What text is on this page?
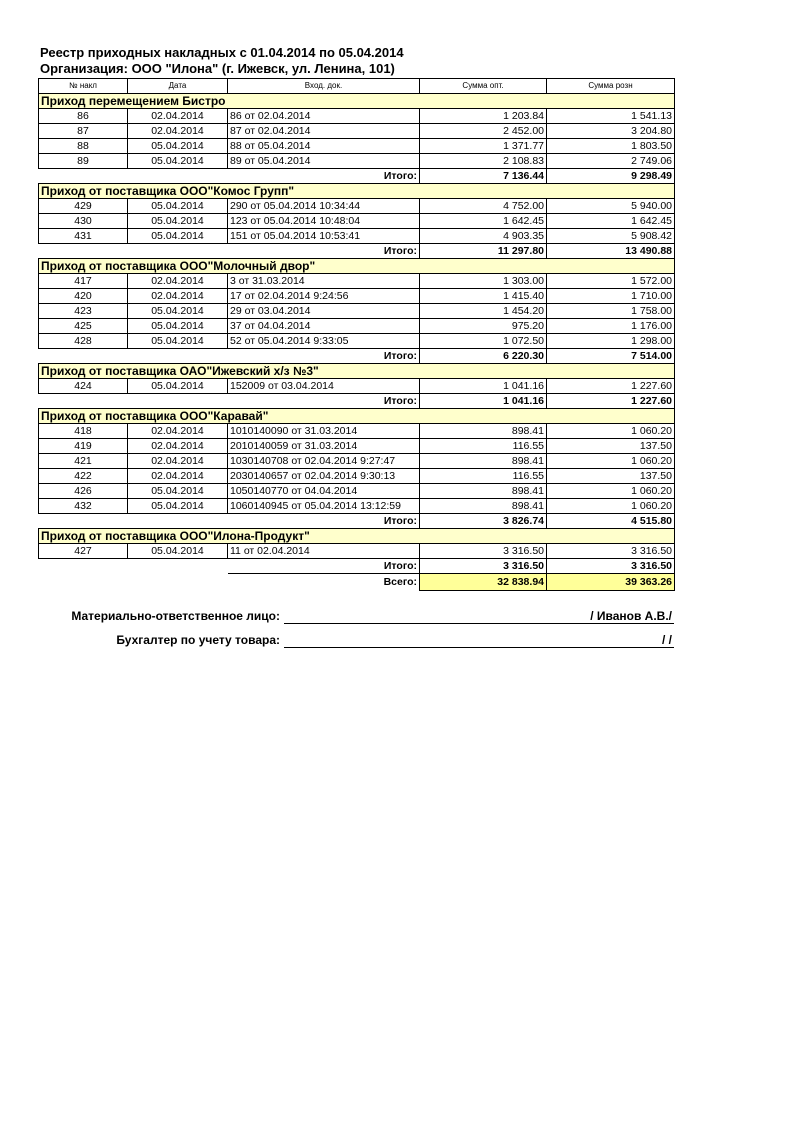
Реестр приходных накладных с 01.04.2014 по 05.04.2014
Организация: ООО "Илона" (г. Ижевск, ул. Ленина, 101)
№ накл	Дата	Вход. док.	Сумма опт.	Сумма розн
Приход перемещением Бистро				
86	02.04.2014	86 от 02.04.2014	1 203.84	1 541.13
87	02.04.2014	87 от 02.04.2014	2 452.00	3 204.80
88	05.04.2014	88 от 05.04.2014	1 371.77	1 803.50
89	05.04.2014	89 от 05.04.2014	2 108.83	2 749.06
		Итого:	7 136.44	9 298.49
Приход от поставщика ООО"Комос Групп"				
429	05.04.2014	290 от 05.04.2014 10:34:44	4 752.00	5 940.00
430	05.04.2014	123 от 05.04.2014 10:48:04	1 642.45	1 642.45
431	05.04.2014	151 от 05.04.2014 10:53:41	4 903.35	5 908.42
		Итого:	11 297.80	13 490.88
Приход от поставщика ООО"Молочный двор"				
417	02.04.2014	3 от 31.03.2014	1 303.00	1 572.00
420	02.04.2014	17 от 02.04.2014 9:24:56	1 415.40	1 710.00
423	05.04.2014	29 от 03.04.2014	1 454.20	1 758.00
425	05.04.2014	37 от 04.04.2014	975.20	1 176.00
428	05.04.2014	52 от 05.04.2014 9:33:05	1 072.50	1 298.00
		Итого:	6 220.30	7 514.00
Приход от поставщика ОАО"Ижевский х/з №3"				
424	05.04.2014	152009 от 03.04.2014	1 041.16	1 227.60
		Итого:	1 041.16	1 227.60
Приход от поставщика ООО"Каравай"				
418	02.04.2014	1010140090 от 31.03.2014	898.41	1 060.20
419	02.04.2014	2010140059 от 31.03.2014	116.55	137.50
421	02.04.2014	1030140708 от 02.04.2014 9:27:47	898.41	1 060.20
422	02.04.2014	2030140657 от 02.04.2014 9:30:13	116.55	137.50
426	05.04.2014	1050140770 от 04.04.2014	898.41	1 060.20
432	05.04.2014	1060140945 от 05.04.2014 13:12:59	898.41	1 060.20
		Итого:	3 826.74	4 515.80
Приход от поставщика ООО"Илона-Продукт"				
427	05.04.2014	11 от 02.04.2014	3 316.50	3 316.50
		Итого:	3 316.50	3 316.50
		Всего:	32 838.94	39 363.26
Материально-ответственное лицо:	/ Иванов А.В./
Бухгалтер по учету товара:	/ /
